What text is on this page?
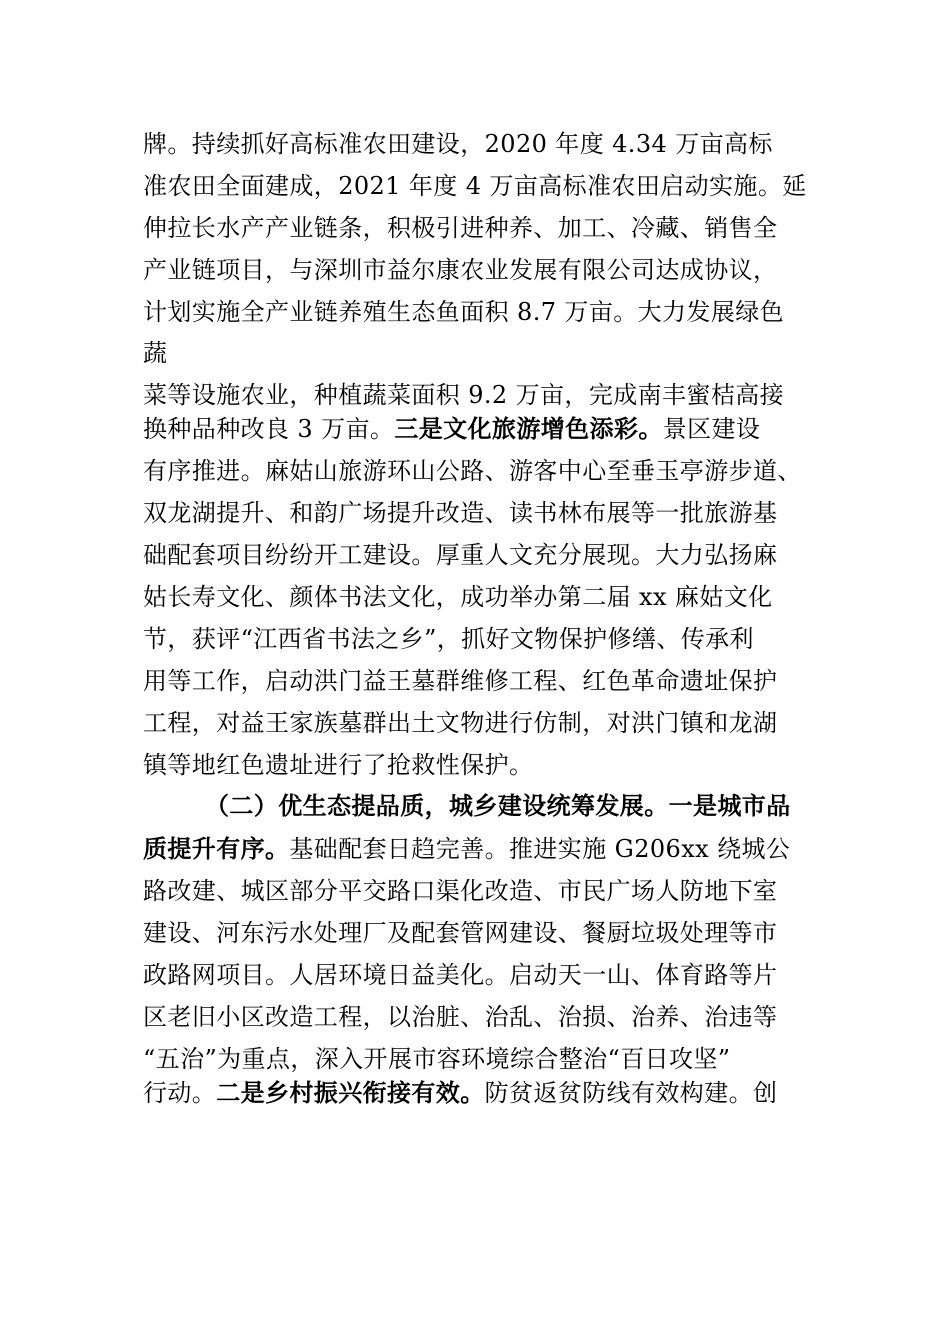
牌。持续抓好高标准农田建设，2020 年度 4.34 万亩高标
准农田全面建成，2021 年度 4 万亩高标准农田启动实施。延
伸拉长水产产业链条，积极引进种养、加工、冷藏、销售全
产业链项目，与深圳市益尔康农业发展有限公司达成协议，
计划实施全产业链养殖生态鱼面积 8.7 万亩。大力发展绿色
蔬
菜等设施农业，种植蔬菜面积 9.2 万亩，完成南丰蜜桔高接
换种品种改良 3 万亩。三是文化旅游增色添彩。景区建设
有序推进。麻姑山旅游环山公路、游客中心至垂玉亭游步道、
双龙湖提升、和韵广场提升改造、读书林布展等一批旅游基
础配套项目纷纷开工建设。厚重人文充分展现。大力弘扬麻
姑长寿文化、颜体书法文化，成功举办第二届 xx 麻姑文化
节，获评“江西省书法之乡”，抓好文物保护修缮、传承利
用等工作，启动洪门益王墓群维修工程、红色革命遗址保护
工程，对益王家族墓群出土文物进行仿制，对洪门镇和龙湖
镇等地红色遗址进行了抢救性保护。
（二）优生态提品质，城乡建设统筹发展。一是城市品
质提升有序。基础配套日趋完善。推进实施 G206xx 绕城公
路改建、城区部分平交路口渠化改造、市民广场人防地下室
建设、河东污水处理厂及配套管网建设、餐厨垃圾处理等市
政路网项目。人居环境日益美化。启动天一山、体育路等片
区老旧小区改造工程，以治脏、治乱、治损、治养、治违等
“五治”为重点，深入开展市容环境综合整治“百日攻坚”
行动。二是乡村振兴衔接有效。防贫返贫防线有效构建。创
